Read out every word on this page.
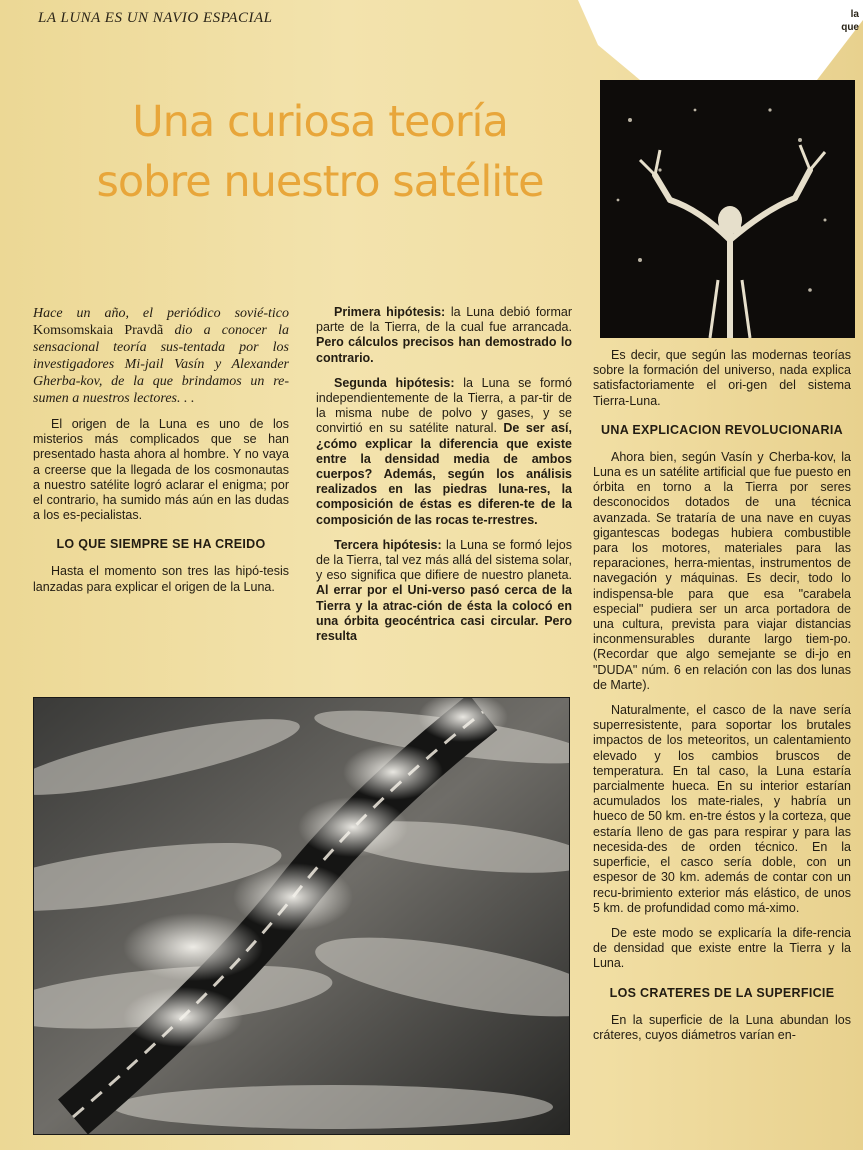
LA LUNA ES UN NAVIO ESPACIAL	la
que
Una curiosa teoría
sobre nuestro satélite

Hace un año, el periódico sovié-tico Komsomskaia Pravdã dio a conocer la sensacional teoría sus-tentada por los investigadores Mi-jail Vasín y Alexander Gherba-kov, de la que brindamos un re-sumen a nuestros lectores. . .

El origen de la Luna es uno de los misterios más complicados que se han presentado hasta ahora al hombre. Y no vaya a creerse que la llegada de los cosmonautas a nuestro satélite logró aclarar el enigma; por el contrario, ha sumido más aún en las dudas a los es-pecialistas.

LO QUE SIEMPRE SE HA CREIDO

Hasta el momento son tres las hipó-tesis lanzadas para explicar el origen de la Luna.

Primera hipótesis: la Luna debió formar parte de la Tierra, de la cual fue arrancada. Pero cálculos precisos han demostrado lo contrario.

Segunda hipótesis: la Luna se formó independientemente de la Tierra, a par-tir de la misma nube de polvo y gases, y se convirtió en su satélite natural. De ser así, ¿cómo explicar la diferencia que existe entre la densidad media de ambos cuerpos? Además, según los análisis realizados en las piedras luna-res, la composición de éstas es diferen-te de la composición de las rocas te-rrestres.

Tercera hipótesis: la Luna se formó lejos de la Tierra, tal vez más allá del sistema solar, y eso significa que difiere de nuestro planeta. Al errar por el Uni-verso pasó cerca de la Tierra y la atrac-ción de ésta la colocó en una órbita geocéntrica casi circular. Pero resulta

Es decir, que según las modernas teorías sobre la formación del universo, nada explica satisfactoriamente el ori-gen del sistema Tierra-Luna.

UNA EXPLICACION REVOLUCIONARIA

Ahora bien, según Vasín y Cherba-kov, la Luna es un satélite artificial que fue puesto en órbita en torno a la Tierra por seres desconocidos dotados de una técnica avanzada. Se trataría de una nave en cuyas gigantescas bodegas hubiera combustible para los motores, materiales para las reparaciones, herra-mientas, instrumentos de navegación y máquinas. Es decir, todo lo indispensa-ble para que esa "carabela especial" pudiera ser un arca portadora de una cultura, prevista para viajar distancias inconmensurables durante largo tiem-po. (Recordar que algo semejante se di-jo en "DUDA" núm. 6 en relación con las dos lunas de Marte).

Naturalmente, el casco de la nave sería superresistente, para soportar los brutales impactos de los meteoritos, un calentamiento elevado y los cambios bruscos de temperatura. En tal caso, la Luna estaría parcialmente hueca. En su interior estarían acumulados los mate-riales, y habría un hueco de 50 km. en-tre éstos y la corteza, que estaría lleno de gas para respirar y para las necesida-des de orden técnico. En la superficie, el casco sería doble, con un espesor de 30 km. además de contar con un recu-brimiento exterior más elástico, de unos 5 km. de profundidad como má-ximo.

De este modo se explicaría la dife-rencia de densidad que existe entre la Tierra y la Luna.

LOS CRATERES DE LA SUPERFICIE

En la superficie de la Luna abundan los cráteres, cuyos diámetros varían en-
